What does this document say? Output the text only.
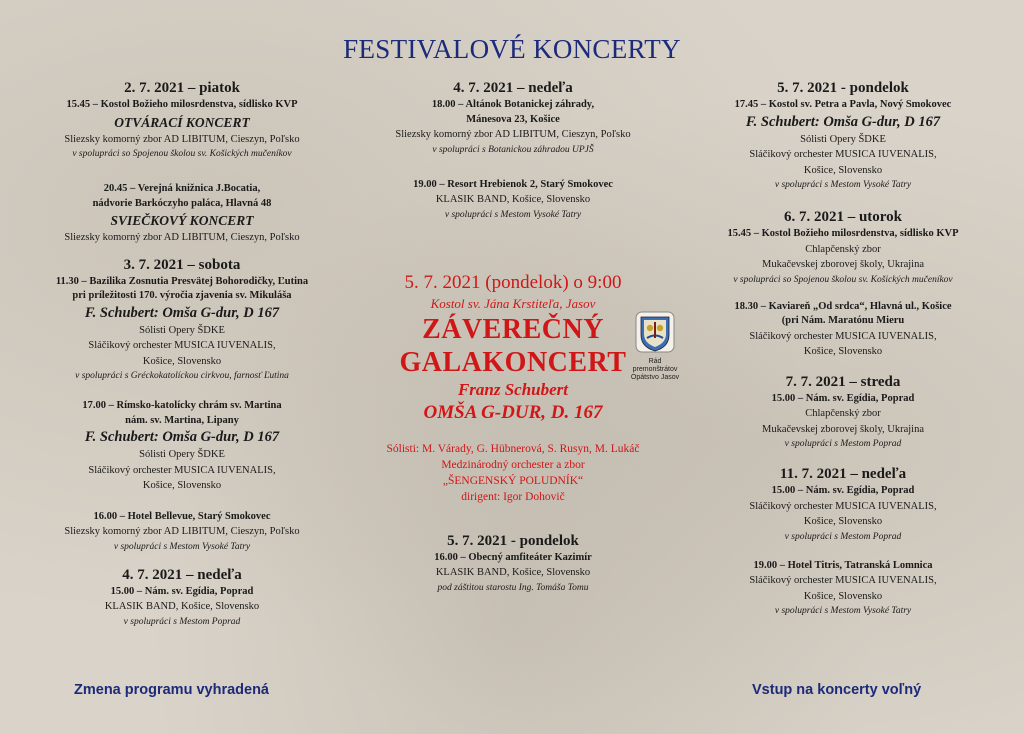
FESTIVALOVÉ KONCERTY
2. 7. 2021 – piatok
15.45 – Kostol Božieho milosrdenstva, sídlisko KVP
OTVÁRACÍ KONCERT
Sliezsky komorný zbor AD LIBITUM, Cieszyn, Poľsko
v spolupráci so Spojenou školou sv. Košických mučeníkov
20.45 – Verejná knižnica J.Bocatia,
nádvorie Barkóczyho paláca, Hlavná 48
SVIEČKOVÝ KONCERT
Sliezsky komorný zbor AD LIBITUM, Cieszyn, Poľsko
3. 7. 2021 – sobota
11.30 – Bazilika Zosnutia Presvätej Bohorodičky, Ľutina
pri príležitosti 170. výročia zjavenia sv. Mikuláša
F. Schubert: Omša G-dur, D 167
Sólisti Opery ŠDKE
Sláčikový orchester MUSICA IUVENALIS,
Košice, Slovensko
v spolupráci s Gréckokatolíckou cirkvou, farnosť Ľutina
17.00 – Rímsko-katolícky chrám sv. Martina
nám. sv. Martina, Lipany
F. Schubert: Omša G-dur, D 167
Sólisti Opery ŠDKE
Sláčikový orchester MUSICA IUVENALIS,
Košice, Slovensko
16.00 – Hotel Bellevue, Starý Smokovec
Sliezsky komorný zbor AD LIBITUM, Cieszyn, Poľsko
v spolupráci s Mestom Vysoké Tatry
4. 7. 2021 – nedeľa
15.00 – Nám. sv. Egídia, Poprad
KLASIK BAND, Košice, Slovensko
v spolupráci s Mestom Poprad
4. 7. 2021 – nedeľa
18.00 – Altánok Botanickej záhrady,
Mánesova 23, Košice
Sliezsky komorný zbor AD LIBITUM, Cieszyn, Poľsko
v spolupráci s Botanickou záhradou UPJŠ
19.00 – Resort Hrebienok 2, Starý Smokovec
KLASIK BAND, Košice, Slovensko
v spolupráci s Mestom Vysoké Tatry
5. 7. 2021 (pondelok) o 9:00
Kostol sv. Jána Krstiteľa, Jasov
ZÁVEREČNÝ
GALAKONCERT
Franz Schubert
OMŠA G-DUR, D. 167
Sólisti: M. Várady, G. Hübnerová, S. Rusyn, M. Lukáč
Medzinárodný orchester a zbor
„ŠENGENSKÝ POLUDNÍK“
dirigent: Igor Dohovič
5. 7. 2021 - pondelok
16.00 – Obecný amfiteáter Kazimír
KLASIK BAND, Košice, Slovensko
pod záštitou starostu Ing. Tomáša Tomu
Rád premonštrátov
Opátstvo Jasov
5. 7. 2021 - pondelok
17.45 – Kostol sv. Petra a Pavla, Nový Smokovec
F. Schubert: Omša G-dur, D 167
Sólisti Opery ŠDKE
Sláčikový orchester MUSICA IUVENALIS,
Košice, Slovensko
v spolupráci s Mestom Vysoké Tatry
6. 7. 2021 – utorok
15.45 – Kostol Božieho milosrdenstva, sídlisko KVP
Chlapčenský zbor
Mukačevskej zborovej školy, Ukrajina
v spolupráci so Spojenou školou sv. Košických mučeníkov
18.30 – Kaviareň „Od srdca“, Hlavná ul., Košice
(pri Nám. Maratónu Mieru
Sláčikový orchester MUSICA IUVENALIS,
Košice, Slovensko
7. 7. 2021 – streda
15.00 – Nám. sv. Egídia, Poprad
Chlapčenský zbor
Mukačevskej zborovej školy, Ukrajina
v spolupráci s Mestom Poprad
11. 7. 2021 – nedeľa
15.00 – Nám. sv. Egídia, Poprad
Sláčikový orchester MUSICA IUVENALIS,
Košice, Slovensko
v spolupráci s Mestom Poprad
19.00 – Hotel Titris, Tatranská Lomnica
Sláčikový orchester MUSICA IUVENALIS,
Košice, Slovensko
v spolupráci s Mestom Vysoké Tatry
Zmena programu vyhradená	Vstup na koncerty voľný
